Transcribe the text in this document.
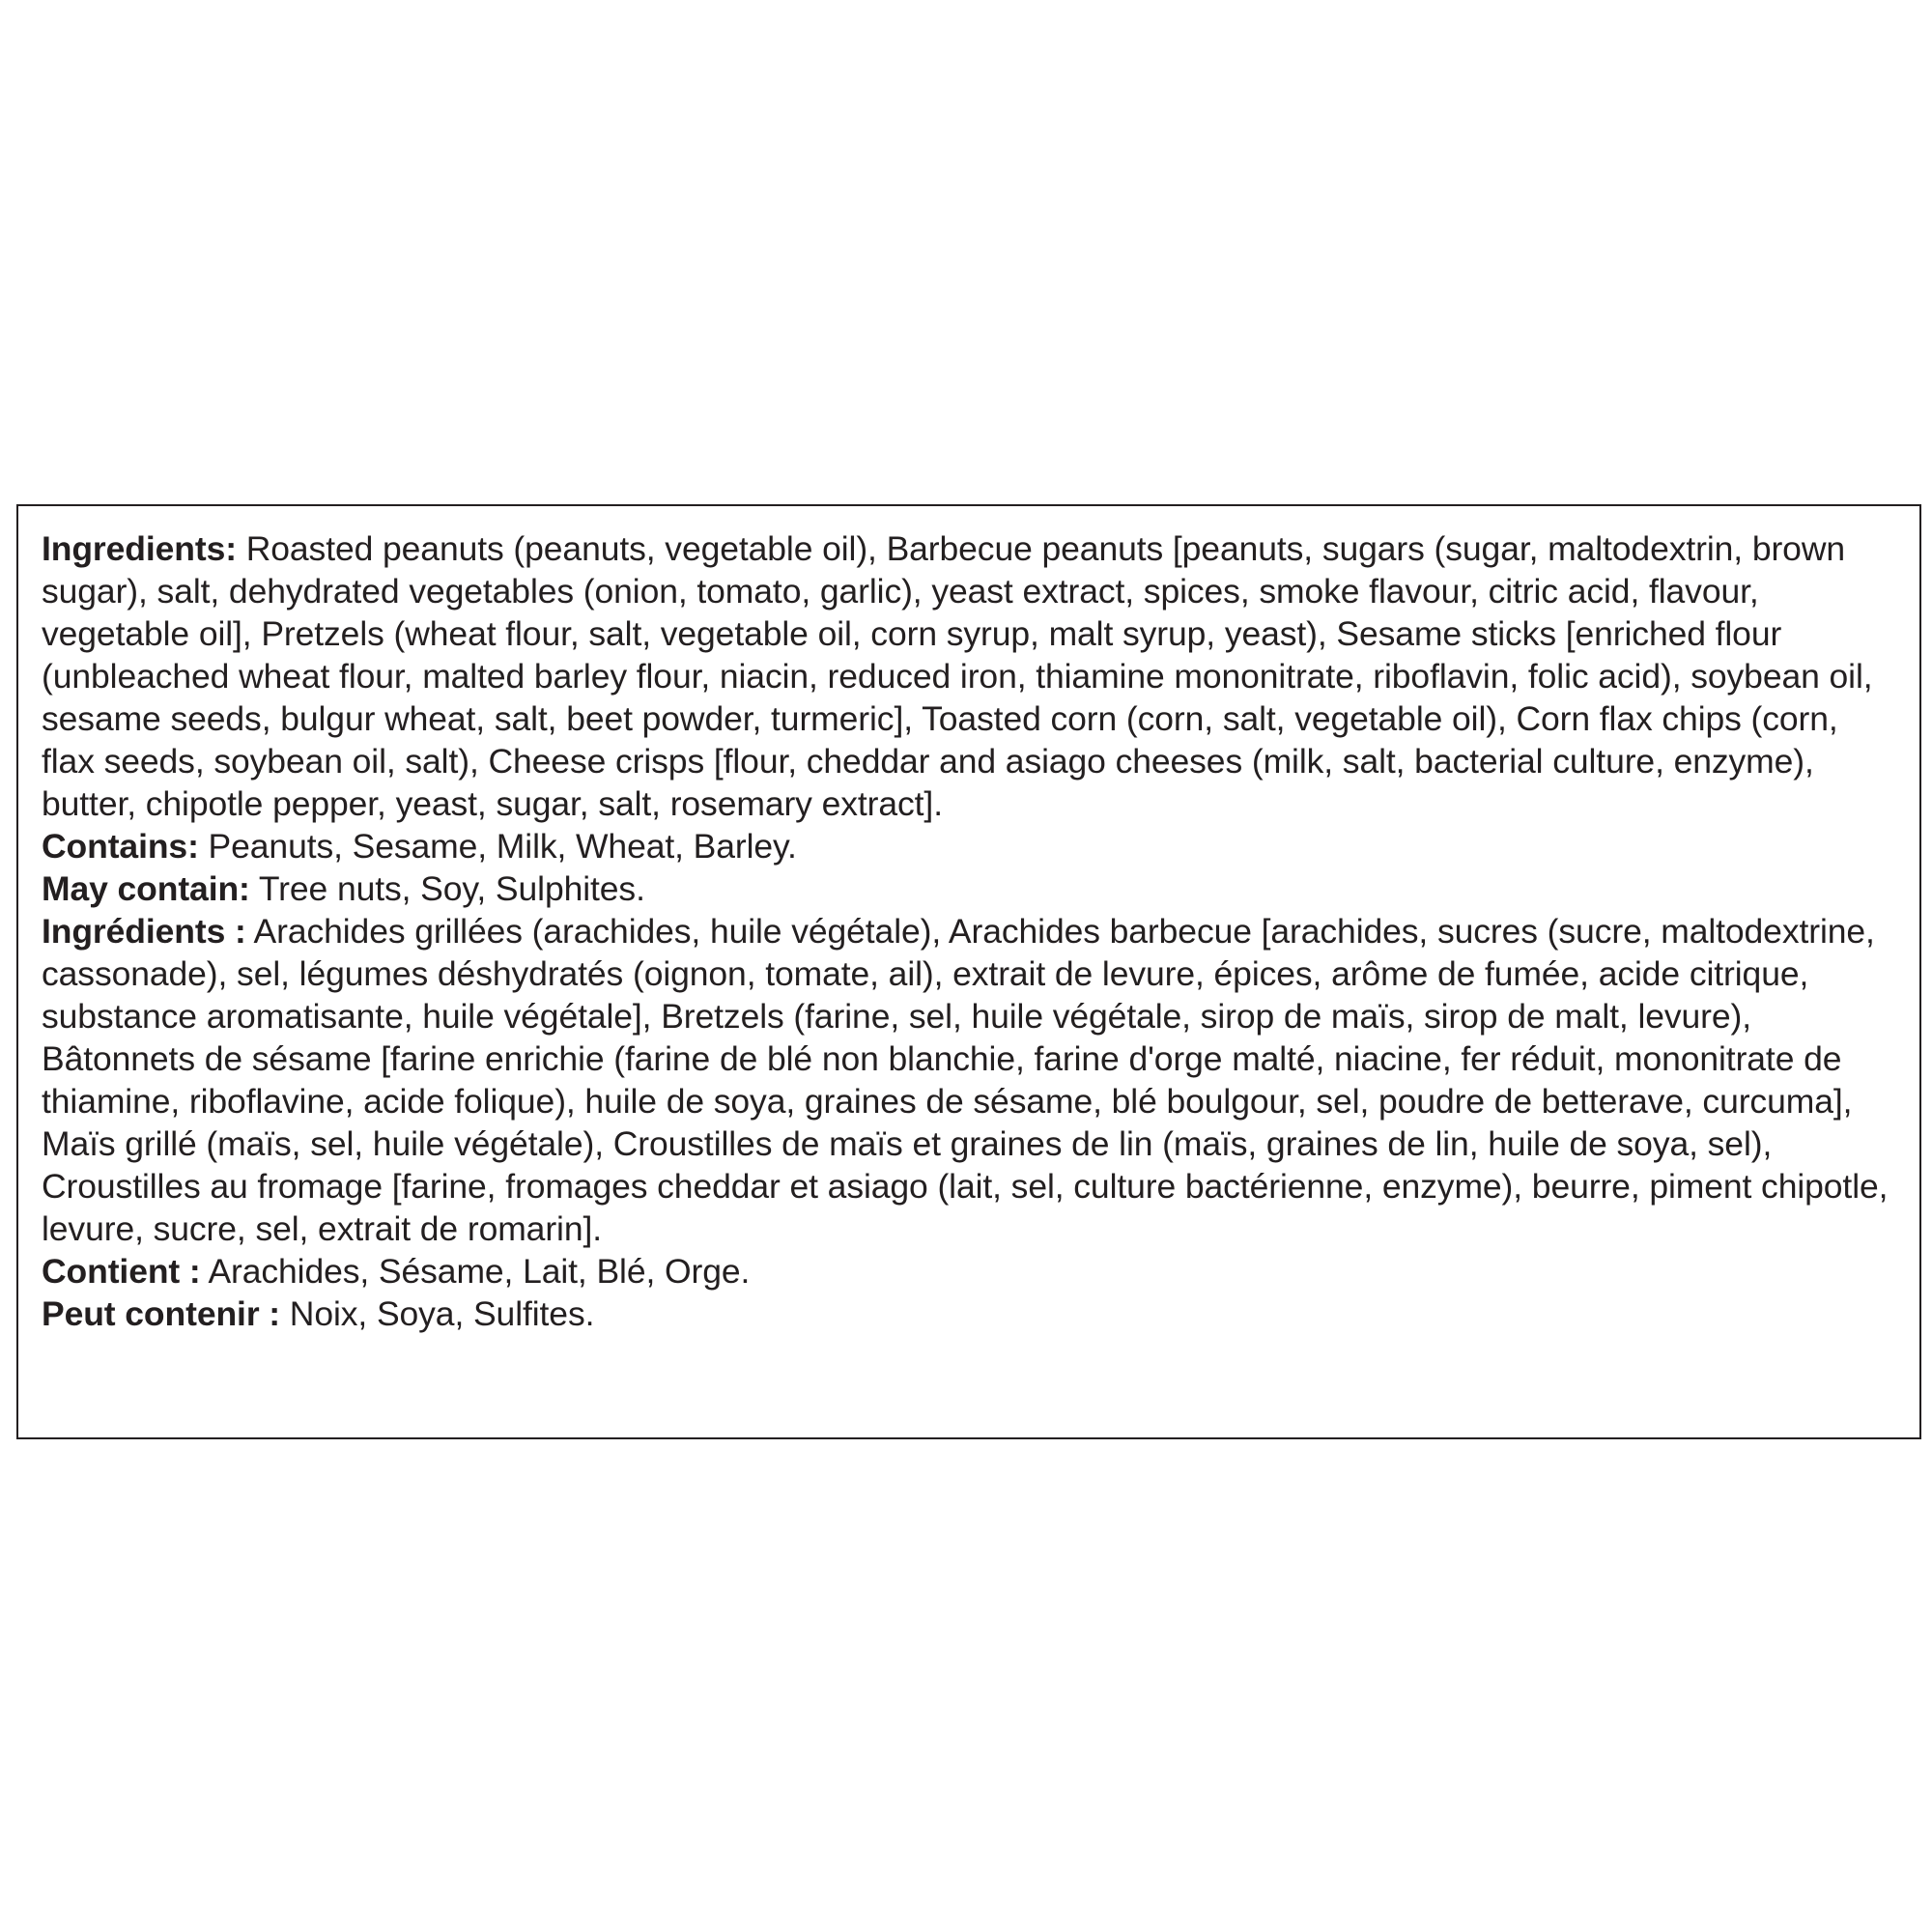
Ingredients: Roasted peanuts (peanuts, vegetable oil), Barbecue peanuts [peanuts, sugars (sugar, maltodextrin, brown sugar), salt, dehydrated vegetables (onion, tomato, garlic), yeast extract, spices, smoke flavour, citric acid, flavour, vegetable oil], Pretzels (wheat flour, salt, vegetable oil, corn syrup, malt syrup, yeast), Sesame sticks [enriched flour (unbleached wheat flour, malted barley flour, niacin, reduced iron, thiamine mononitrate, riboflavin, folic acid), soybean oil, sesame seeds, bulgur wheat, salt, beet powder, turmeric], Toasted corn (corn, salt, vegetable oil), Corn flax chips (corn, flax seeds, soybean oil, salt), Cheese crisps [flour, cheddar and asiago cheeses (milk, salt, bacterial culture, enzyme), butter, chipotle pepper, yeast, sugar, salt, rosemary extract].

Contains: Peanuts, Sesame, Milk, Wheat, Barley.

May contain: Tree nuts, Soy, Sulphites.

Ingrédients : Arachides grillées (arachides, huile végétale), Arachides barbecue [arachides, sucres (sucre, maltodextrine, cassonade), sel, légumes déshydratés (oignon, tomate, ail), extrait de levure, épices, arôme de fumée, acide citrique, substance aromatisante, huile végétale], Bretzels (farine, sel, huile végétale, sirop de maïs, sirop de malt, levure), Bâtonnets de sésame [farine enrichie (farine de blé non blanchie, farine d'orge malté, niacine, fer réduit, mononitrate de thiamine, riboflavine, acide folique), huile de soya, graines de sésame, blé boulgour, sel, poudre de betterave, curcuma], Maïs grillé (maïs, sel, huile végétale), Croustilles de maïs et graines de lin (maïs, graines de lin, huile de soya, sel), Croustilles au fromage [farine, fromages cheddar et asiago (lait, sel, culture bactérienne, enzyme), beurre, piment chipotle, levure, sucre, sel, extrait de romarin].

Contient : Arachides, Sésame, Lait, Blé, Orge.

Peut contenir : Noix, Soya, Sulfites.
